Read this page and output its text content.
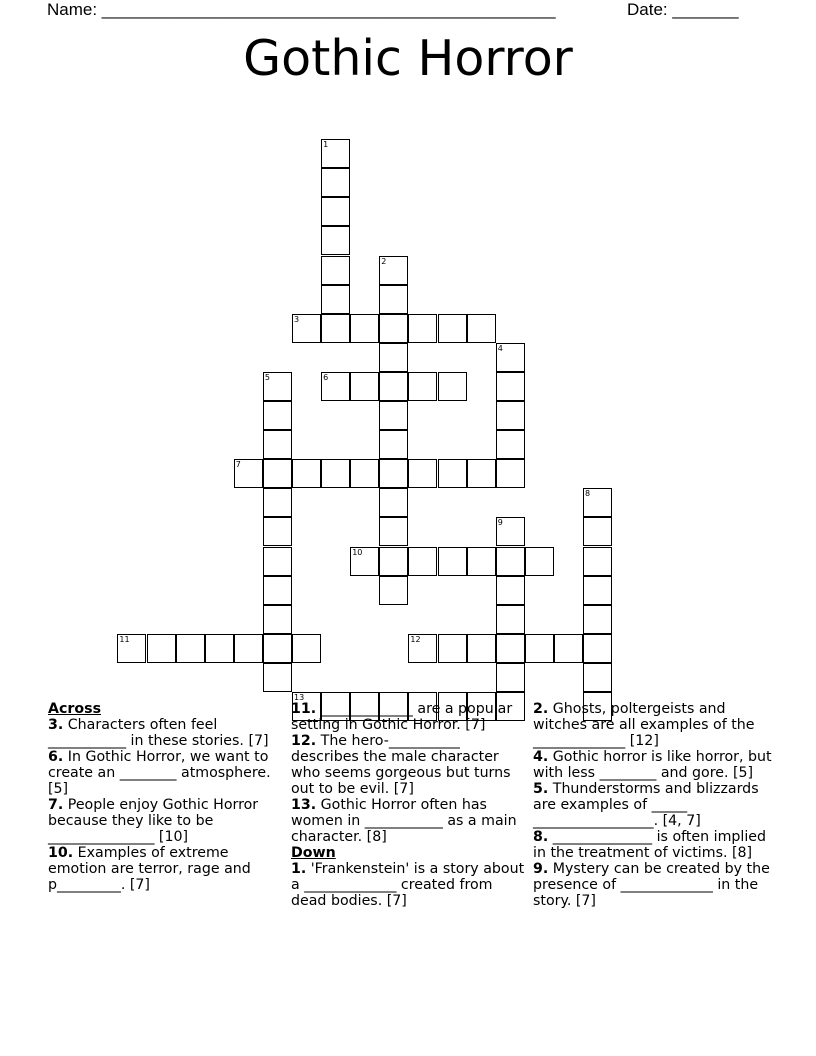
Name: ________________________________________________	Date: _______
Gothic Horror
1
2
3
4
5	6
7
8
9
10
11	12
13
Across
3. Characters often feel ___________ in these stories. [7]
6. In Gothic Horror, we want to create an ________ atmosphere. [5]
7. People enjoy Gothic Horror because they like to be _______________ [10]
10. Examples of extreme emotion are terror, rage and p_________. [7]
11. _____________ are a popular setting in Gothic Horror. [7]
12. The hero-__________ describes the male character who seems gorgeous but turns out to be evil. [7]
13. Gothic Horror often has women in ___________ as a main character. [8]
Down
1. 'Frankenstein' is a story about a _____________ created from dead bodies. [7]
2. Ghosts, poltergeists and witches are all examples of the _____________ [12]
4. Gothic horror is like horror, but with less ________ and gore. [5]
5. Thunderstorms and blizzards are examples of _____ _________________. [4, 7]
8. ______________ is often implied in the treatment of victims. [8]
9. Mystery can be created by the presence of _____________ in the story. [7]
